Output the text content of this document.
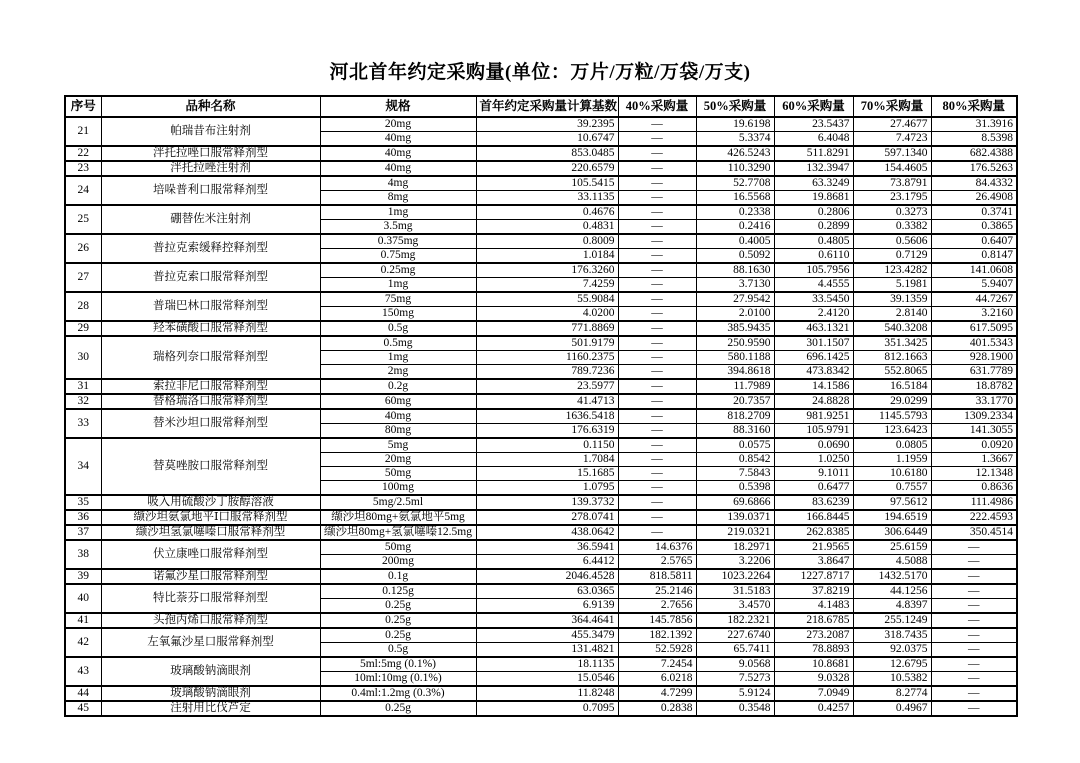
河北首年约定采购量(单位：万片/万粒/万袋/万支)
序号	品种名称	规格	首年约定采购量计算基数	40%采购量	50%采购量	60%采购量	70%采购量	80%采购量
21	帕瑞昔布注射剂	20mg	39.2395	—	19.6198	23.5437	27.4677	31.3916
		40mg	10.6747	—	5.3374	6.4048	7.4723	8.5398
22	泮托拉唑口服常释剂型	40mg	853.0485	—	426.5243	511.8291	597.1340	682.4388
23	泮托拉唑注射剂	40mg	220.6579	—	110.3290	132.3947	154.4605	176.5263
24	培哚普利口服常释剂型	4mg	105.5415	—	52.7708	63.3249	73.8791	84.4332
		8mg	33.1135	—	16.5568	19.8681	23.1795	26.4908
25	硼替佐米注射剂	1mg	0.4676	—	0.2338	0.2806	0.3273	0.3741
		3.5mg	0.4831	—	0.2416	0.2899	0.3382	0.3865
26	普拉克索缓释控释剂型	0.375mg	0.8009	—	0.4005	0.4805	0.5606	0.6407
		0.75mg	1.0184	—	0.5092	0.6110	0.7129	0.8147
27	普拉克索口服常释剂型	0.25mg	176.3260	—	88.1630	105.7956	123.4282	141.0608
		1mg	7.4259	—	3.7130	4.4555	5.1981	5.9407
28	普瑞巴林口服常释剂型	75mg	55.9084	—	27.9542	33.5450	39.1359	44.7267
		150mg	4.0200	—	2.0100	2.4120	2.8140	3.2160
29	羟苯磺酸口服常释剂型	0.5g	771.8869	—	385.9435	463.1321	540.3208	617.5095
30	瑞格列奈口服常释剂型	0.5mg	501.9179	—	250.9590	301.1507	351.3425	401.5343
		1mg	1160.2375	—	580.1188	696.1425	812.1663	928.1900
		2mg	789.7236	—	394.8618	473.8342	552.8065	631.7789
31	索拉非尼口服常释剂型	0.2g	23.5977	—	11.7989	14.1586	16.5184	18.8782
32	替格瑞洛口服常释剂型	60mg	41.4713	—	20.7357	24.8828	29.0299	33.1770
33	替米沙坦口服常释剂型	40mg	1636.5418	—	818.2709	981.9251	1145.5793	1309.2334
		80mg	176.6319	—	88.3160	105.9791	123.6423	141.3055
34	替莫唑胺口服常释剂型	5mg	0.1150	—	0.0575	0.0690	0.0805	0.0920
		20mg	1.7084	—	0.8542	1.0250	1.1959	1.3667
		50mg	15.1685	—	7.5843	9.1011	10.6180	12.1348
		100mg	1.0795	—	0.5398	0.6477	0.7557	0.8636
35	吸入用硫酸沙丁胺醇溶液	5mg/2.5ml	139.3732	—	69.6866	83.6239	97.5612	111.4986
36	缬沙坦氨氯地平Ⅰ口服常释剂型	缬沙坦80mg+氨氯地平5mg	278.0741	—	139.0371	166.8445	194.6519	222.4593
37	缬沙坦氢氯噻嗪口服常释剂型	缬沙坦80mg+氢氯噻嗪12.5mg	438.0642	—	219.0321	262.8385	306.6449	350.4514
38	伏立康唑口服常释剂型	50mg	36.5941	14.6376	18.2971	21.9565	25.6159	—
		200mg	6.4412	2.5765	3.2206	3.8647	4.5088	—
39	诺氟沙星口服常释剂型	0.1g	2046.4528	818.5811	1023.2264	1227.8717	1432.5170	—
40	特比萘芬口服常释剂型	0.125g	63.0365	25.2146	31.5183	37.8219	44.1256	—
		0.25g	6.9139	2.7656	3.4570	4.1483	4.8397	—
41	头孢丙烯口服常释剂型	0.25g	364.4641	145.7856	182.2321	218.6785	255.1249	—
42	左氧氟沙星口服常释剂型	0.25g	455.3479	182.1392	227.6740	273.2087	318.7435	—
		0.5g	131.4821	52.5928	65.7411	78.8893	92.0375	—
43	玻璃酸钠滴眼剂	5ml:5mg (0.1%)	18.1135	7.2454	9.0568	10.8681	12.6795	—
		10ml:10mg (0.1%)	15.0546	6.0218	7.5273	9.0328	10.5382	—
44	玻璃酸钠滴眼剂	0.4ml:1.2mg (0.3%)	11.8248	4.7299	5.9124	7.0949	8.2774	—
45	注射用比伐芦定	0.25g	0.7095	0.2838	0.3548	0.4257	0.4967	—
